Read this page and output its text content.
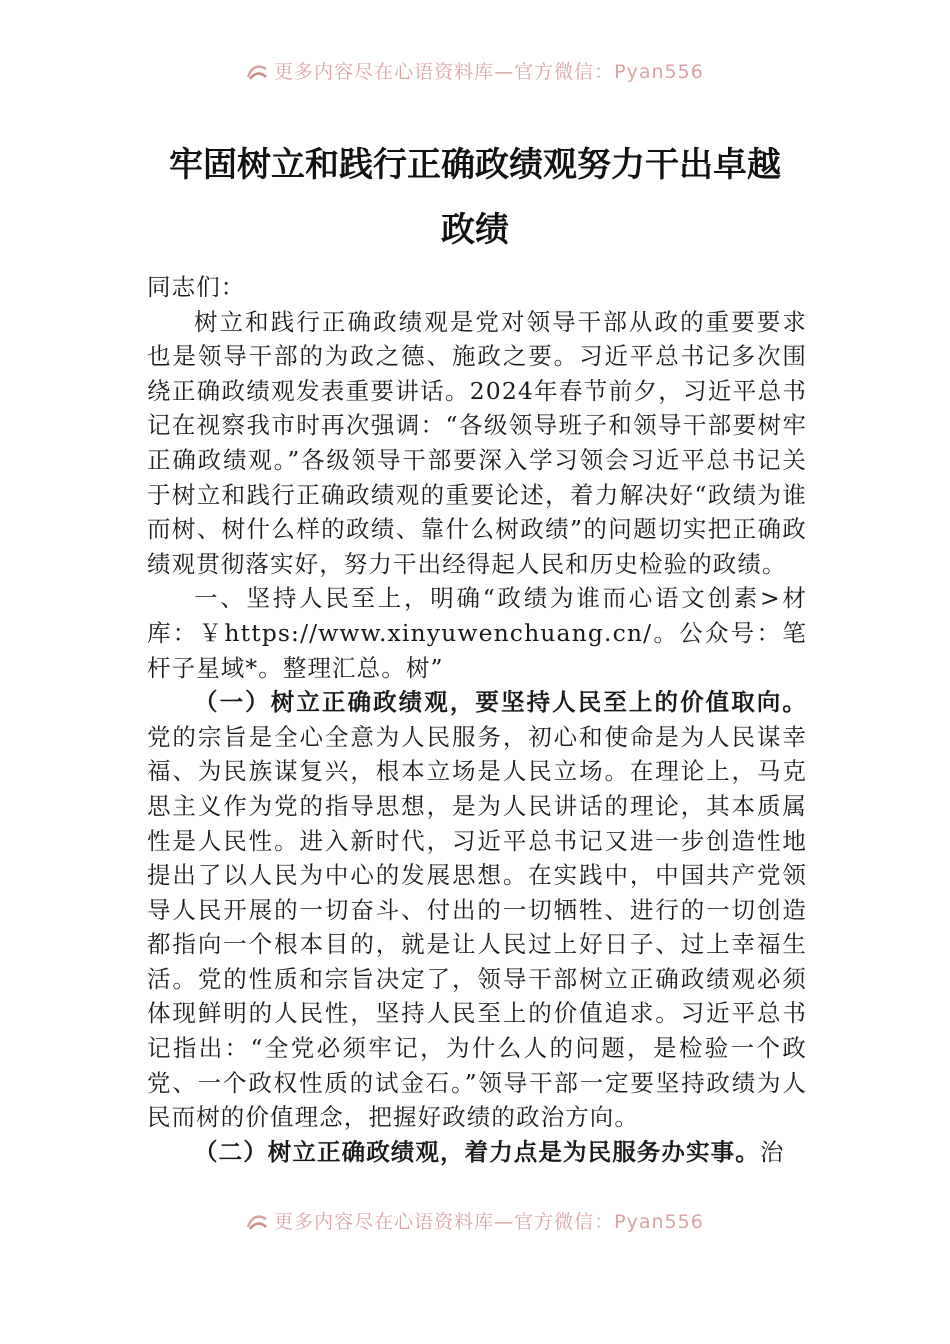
更多内容尽在心语资料库—官方微信：Pyan556
牢固树立和践行正确政绩观努力干出卓越
政绩

同志们：

树立和践行正确政绩观是党对领导干部从政的重要要求也是领导干部的为政之德、施政之要。习近平总书记多次围绕正确政绩观发表重要讲话。2024年春节前夕，习近平总书记在视察我市时再次强调：“各级领导班子和领导干部要树牢正确政绩观。”各级领导干部要深入学习领会习近平总书记关于树立和践行正确政绩观的重要论述，着力解决好“政绩为谁而树、树什么样的政绩、靠什么树政绩”的问题切实把正确政绩观贯彻落实好，努力干出经得起人民和历史检验的政绩。

一、坚持人民至上，明确“政绩为谁而心语文创素>材库：￥https://www.xinyuwenchuang.cn/。公众号：笔杆子星域*。整理汇总。树”

（一）树立正确政绩观，要坚持人民至上的价值取向。党的宗旨是全心全意为人民服务，初心和使命是为人民谋幸福、为民族谋复兴，根本立场是人民立场。在理论上，马克思主义作为党的指导思想，是为人民讲话的理论，其本质属性是人民性。进入新时代，习近平总书记又进一步创造性地提出了以人民为中心的发展思想。在实践中，中国共产党领导人民开展的一切奋斗、付出的一切牺牲、进行的一切创造都指向一个根本目的，就是让人民过上好日子、过上幸福生活。党的性质和宗旨决定了，领导干部树立正确政绩观必须体现鲜明的人民性，坚持人民至上的价值追求。习近平总书记指出：“全党必须牢记，为什么人的问题，是检验一个政党、一个政权性质的试金石。”领导干部一定要坚持政绩为人民而树的价值理念，把握好政绩的政治方向。

（二）树立正确政绩观，着力点是为民服务办实事。治

更多内容尽在心语资料库—官方微信：Pyan556
